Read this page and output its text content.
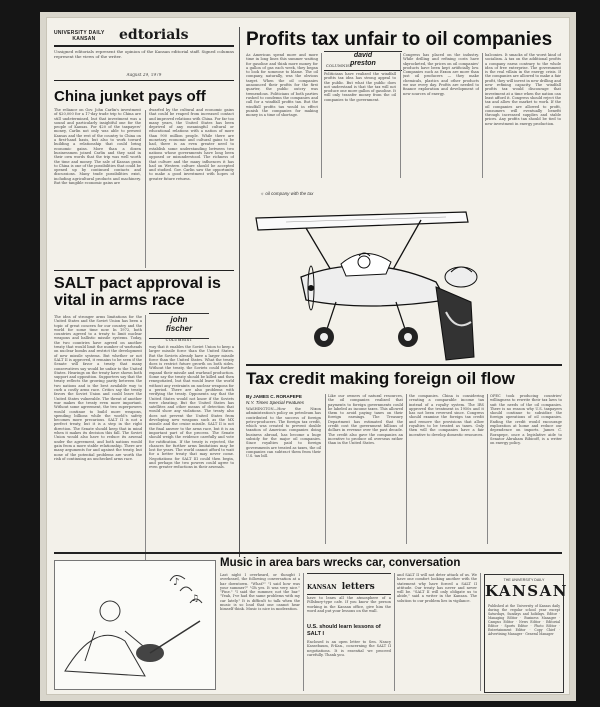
UNIVERSITY DAILY
KANSAN	edtorials
Unsigned editorials represent the opinion of the Kansan editorial staff. Signed columns represent the views of the writer.
August 29, 1979
China junket pays off
The reliance on Gov. John Carlin's investment of $20,000 for a 17-day trade trip to China are still undetermined, but that investment was a sound and particularly insightful one for the people of Kansas. For $20 of the taxpayers' money, Carlin not only was able to present Kansas and the rest of the country to China on a first-hand basis, but also to work toward building a relationship that could bring economic gains. More than a dozen businessmen joined Carlin and they said in their own words that the trip was well worth the time and money. The sale of Kansas grain to China is one of the possibilities that could be opened up by continued contacts and discussions. Many trade possibilities exist, including agricultural products and machinery. But the tangible economic gains are
dwarfed by the cultural and economic gains that could be reaped from increased contact and improved relations with China. For far too many years, the United States has been deprived of any meaningful cultural or educational relations with a nation of more than 900 million people. While there are monetary, economic and cultural gains to be had, there is an even greater need to establish some understanding between two nations whose governments have long been opposed or misunderstood. The richness of that culture and the many influences it has had on Western culture should be accepted and studied. Gov. Carlin saw the opportunity to make a good investment with hopes of greater future returns.
SALT pact approval is vital in arms race
The idea of stronger arms limitations for the United States and the Soviet Union has been a topic of great concern for our country and the world for some time now. In 1972, both countries agreed to a treaty to limit nuclear weapons and ballistic missile systems. Today, the two countries have agreed on another treaty that would limit the number of warheads on nuclear bombs and restrict the development of new missile systems. But whether or not SALT II is approved, it remains to be seen if the Senate will favor a treaty that many conservatives say would be unfair to the United States. Hearings on the treaty have shown both support and opposition. Supporters say that the treaty reflects the growing parity between the two nations and is the best available way to curb a costly arms race. Critics say the treaty favors the Soviet Union and could leave the United States vulnerable. The threat of another war makes the treaty even more important. Without some agreement, the two superpowers would continue to build more weapons, spending billions while the world's safety becomes more precarious. SALT II is not a perfect treaty, but it is a step in the right direction. The Senate should keep that in mind when it makes its decision this fall. The Soviet Union would also have to reduce its arsenal under the agreement, and both nations would gain from a more stable relationship. There are many arguments for and against the treaty, but none of the potential problems are worth the risk of continuing an unchecked arms race.
john
fischer
COLUMNIST
way that it enables the Soviet Union to keep a larger missile force than the United States. But the Soviets already have a larger missile force than the United States. What the treaty does is restrict future growth on both sides. Without the treaty, the Soviets could further expand their missile and warhead production. Some say the treaty should be killed and then renegotiated, but that would leave the world without any restraints on nuclear weapons for a period. There are also problems with verifying the treaty. Opponents say that the United States would not know if the Soviets were cheating. But the United States has satellites and other means of detection that would show any violations. The treaty also does not prevent the United States from developing new weapons such as the MX missile and the cruise missile. SALT II is not the final answer to the arms race, but it is an important part of the process. The Senate should weigh the evidence carefully and vote for ratification. If the treaty is rejected, the chances for further arms limitations may be lost for years. The world cannot afford to wait for a better treaty that may never come. Negotiations for SALT III could then begin, and perhaps the two powers could agree to even greater reductions in their arsenals.
Profits tax unfair to oil companies
As American spend more and more time in long lines this summer waiting for gasoline and think more money for a gallon of gas each week, they began to look for someone to blame. The oil company, naturally, was the obvious target. When the oil companies announced their profits for the first quarter, the public outcry was tremendous. Politicians of both parties rushed to condemn the companies and call for a windfall profits tax. But the windfall profits tax would in effect punish the companies for making money in a time of shortage.
david
preston
COLUMNIST
Politicians have realized the windfall profits tax idea has strong appeal to the public. But what the public does not understand is that the tax will not produce one more gallon of gasoline. It will only transfer money from the oil companies to the government.
Congress has placed on the industry. While drilling and refining costs have skyrocketed, the prices on oil companies' products have been kept artificially low. Companies such as Exxon are more than just oil producers — they make chemicals, plastics and other products we use every day. Profits are needed to finance exploration and development of new sources of energy.
balconies. It smacks of the worst kind of socialism. A tax on the additional profits a company earns contrary to the whole idea of free enterprise. The government is the real villain in the energy crisis. If the companies are allowed to make a fair profit, they will invest in new drilling and new refining capacity. The windfall profits tax would discourage that investment at a time when the nation can least afford it. Congress should reject the tax and allow the market to work. If the oil companies are allowed to profit, consumers will eventually benefit through increased supplies and stable prices. Any profits tax should be tied to new investment in energy production.
☼ oil company with the tax
Tax credit making foreign oil flow
By JAMES C. RORAPEPE
N.Y. Times Special Features
WASHINGTON—How the Nixon administration's policy on petroleum has contributed to the success of foreign petro-producers. The foreign tax credit, which was created to prevent double taxation of American companies doing business abroad, has become a huge subsidy for the major oil companies. Since royalties paid to foreign governments are treated as taxes, the oil companies can subtract them from their U.S. tax bill.
Like our owners of natural resources, the oil companies realized that payments to foreign governments could be labeled as income taxes. This allowed them to avoid paying taxes on their foreign earnings. The Treasury Department has estimated that the credit cost the government billions of dollars in revenue over the past decade. The credit also gave the companies an incentive to produce oil overseas rather than in the United States.
the companies. China is considering creating a comparable income tax instead of a royalty system. The IRS approved the treatment in 1950s and it has not been reversed since. Congress should examine the foreign tax credit and remove the provisions that allow royalties to be treated as taxes. Only then will the companies have a fair incentive to develop domestic resources.
OPEC took producing countries' willingness to rewrite their tax laws to suit the needs of the oil companies. There is no reason why U.S. taxpayers should continue to subsidize the foreign operations of oil companies. Ending the credit would encourage exploration at home and reduce our dependence on imports. James C. Rorapepe, once a legislative aide to Senator Abraham Ribicoff, is a writer on energy policy.
Music in area bars wrecks car, conversation
♪
♫
Last night I overheard, or thought I overheard, the following conversation at a bar downtown. "What?" "I said how was your summer?" "Oh yes. It was very nice." "Fine." "I said the summer, not the bar." "Yeah, I've had the same problems with my car lately." It is difficult to talk when the music is so loud that one cannot hear himself think. Music is nice in moderation.
KANSAN letters
U.S. should learn lessons of SALT I
have to learn all the atmosphere of a Pillsbury-type cafe. If you know the person working in the Kansan office, give him the word and put your lessons on the wall.
Enclosed is an open letter to Sen. Nancy Kassebaum, R-Kan., concerning the SALT II negotiations. It is essential we proceed carefully. Thank you.
and SALT II will not deter attack of us. We have one comfort looking another with the statement why have forced a SALT II attitude. Our treaty has never and never will be. "SALT II will only obligate us to abide," said a writer in the Kansan. The solution to our problem lies in vigilance.
THE UNIVERSITY DAILY
KANSAN
Published at the University of Kansas daily during the regular school year except Saturdays, Sundays and holidays. Editor · Managing Editor · Business Manager · Campus Editor · News Editor · Editorial Editor · Sports Editor · Photo Editor · Entertainment Editor · Copy Chief · Advertising Manager · General Manager
